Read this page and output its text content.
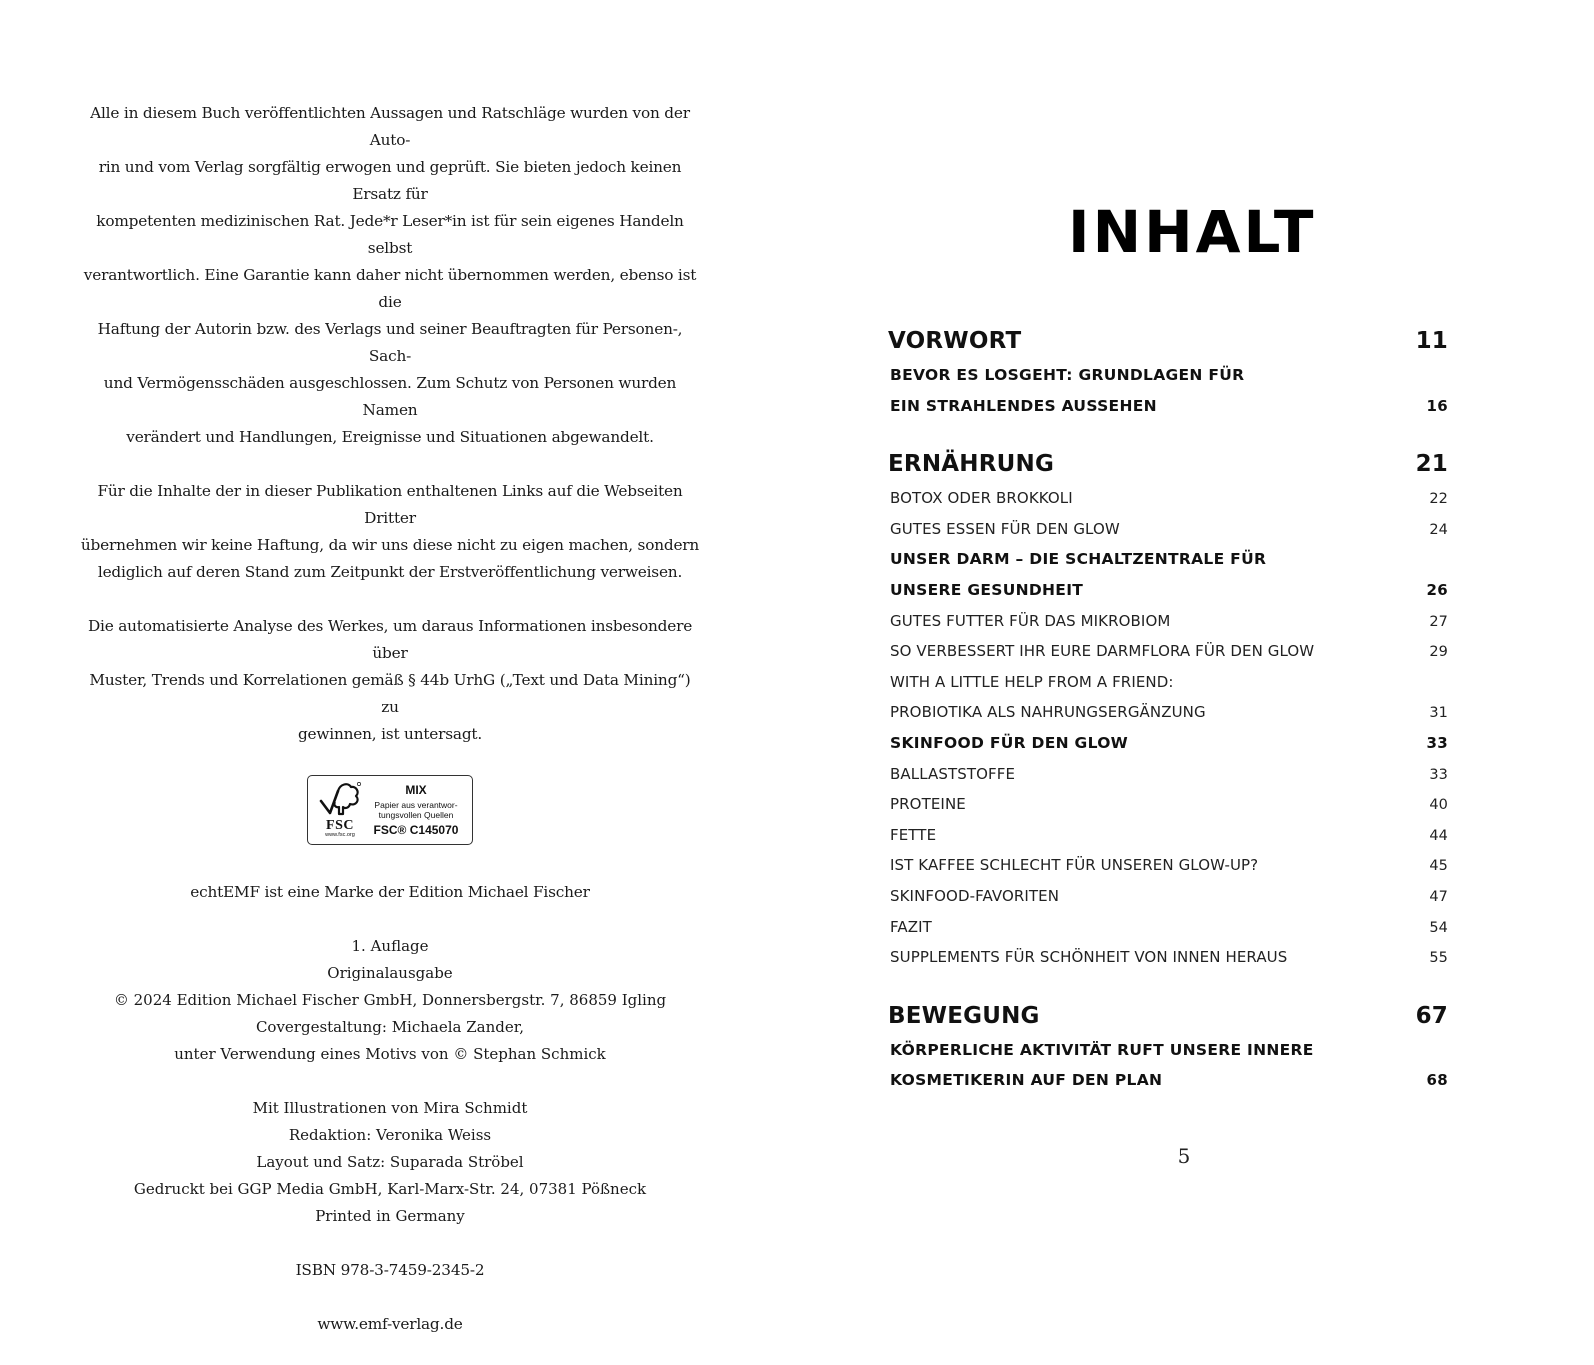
Alle in diesem Buch veröffentlichten Aussagen und Ratschläge wurden von der Auto-
rin und vom Verlag sorgfältig erwogen und geprüft. Sie bieten jedoch keinen Ersatz für
kompetenten medizinischen Rat. Jede*r Leser*in ist für sein eigenes Handeln selbst
verantwortlich. Eine Garantie kann daher nicht übernommen werden, ebenso ist die
Haftung der Autorin bzw. des Verlags und seiner Beauftragten für Personen-, Sach-
und Vermögensschäden ausgeschlossen. Zum Schutz von Personen wurden Namen
verändert und Handlungen, Ereignisse und Situationen abgewandelt.

Für die Inhalte der in dieser Publikation enthaltenen Links auf die Webseiten Dritter
übernehmen wir keine Haftung, da wir uns diese nicht zu eigen machen, sondern
lediglich auf deren Stand zum Zeitpunkt der Erstveröffentlichung verweisen.

Die automatisierte Analyse des Werkes, um daraus Informationen insbesondere über
Muster, Trends und Korrelationen gemäß § 44b UrhG („Text und Data Mining“) zu
gewinnen, ist untersagt.

FSC
www.fsc.org
MIX
Papier aus verantwor-
tungsvollen Quellen
FSC® C145070

echtEMF ist eine Marke der Edition Michael Fischer

1. Auflage
Originalausgabe
© 2024 Edition Michael Fischer GmbH, Donnersbergstr. 7, 86859 Igling
Covergestaltung: Michaela Zander,
unter Verwendung eines Motivs von © Stephan Schmick
Mit Illustrationen von Mira Schmidt
Redaktion: Veronika Weiss
Layout und Satz: Suparada Ströbel
Gedruckt bei GGP Media GmbH, Karl-Marx-Str. 24, 07381 Pößneck
Printed in Germany

ISBN 978-3-7459-2345-2

www.emf-verlag.de

INHALT
VORWORT	11
BEVOR ES LOSGEHT: GRUNDLAGEN FÜR
EIN STRAHLENDES AUSSEHEN	16
ERNÄHRUNG	21
BOTOX ODER BROKKOLI	22
GUTES ESSEN FÜR DEN GLOW	24
UNSER DARM – DIE SCHALTZENTRALE FÜR
UNSERE GESUNDHEIT	26
GUTES FUTTER FÜR DAS MIKROBIOM	27
SO VERBESSERT IHR EURE DARMFLORA FÜR DEN GLOW	29
WITH A LITTLE HELP FROM A FRIEND:
PROBIOTIKA ALS NAHRUNGSERGÄNZUNG	31
SKINFOOD FÜR DEN GLOW	33
BALLASTSTOFFE	33
PROTEINE	40
FETTE	44
IST KAFFEE SCHLECHT FÜR UNSEREN GLOW-UP?	45
SKINFOOD-FAVORITEN	47
FAZIT	54
SUPPLEMENTS FÜR SCHÖNHEIT VON INNEN HERAUS	55
BEWEGUNG	67
KÖRPERLICHE AKTIVITÄT RUFT UNSERE INNERE
KOSMETIKERIN AUF DEN PLAN	68
5
